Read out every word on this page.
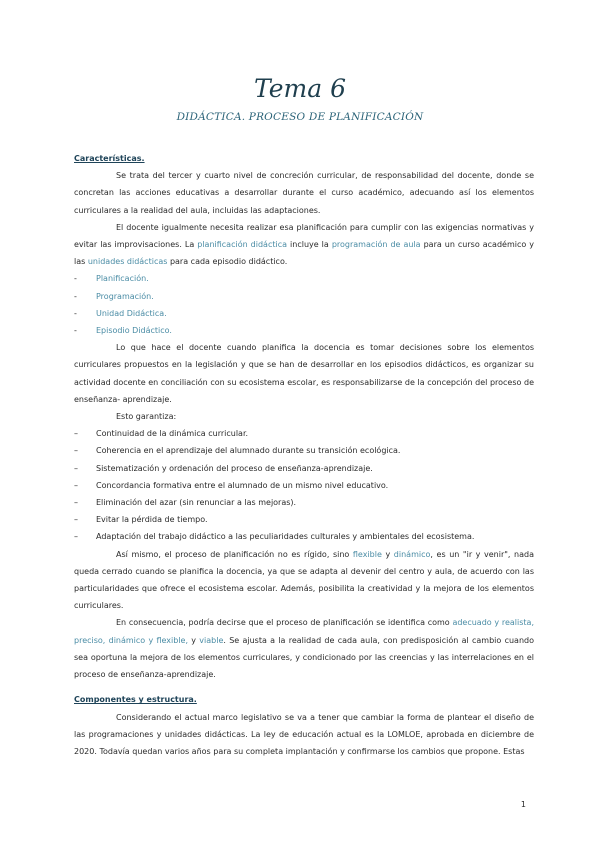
Tema 6
DIDÁCTICA. PROCESO DE PLANIFICACIÓN
Características.

Se trata del tercer y cuarto nivel de concreción curricular, de responsabilidad del docente, donde se concretan las acciones educativas a desarrollar durante el curso académico, adecuando así los elementos curriculares a la realidad del aula, incluidas las adaptaciones.

El docente igualmente necesita realizar esa planificación para cumplir con las exigencias normativas y evitar las improvisaciones. La planificación didáctica incluye la programación de aula para un curso académico y las unidades didácticas para cada episodio didáctico.

- Planificación.
- Programación.
- Unidad Didáctica.
- Episodio Didáctico.

Lo que hace el docente cuando planifica la docencia es tomar decisiones sobre los elementos curriculares propuestos en la legislación y que se han de desarrollar en los episodios didácticos, es organizar su actividad docente en conciliación con su ecosistema escolar, es responsabilizarse de la concepción del proceso de enseñanza- aprendizaje.

Esto garantiza:

– Continuidad de la dinámica curricular.
– Coherencia en el aprendizaje del alumnado durante su transición ecológica.
– Sistematización y ordenación del proceso de enseñanza-aprendizaje.
– Concordancia formativa entre el alumnado de un mismo nivel educativo.
– Eliminación del azar (sin renunciar a las mejoras).
– Evitar la pérdida de tiempo.
– Adaptación del trabajo didáctico a las peculiaridades culturales y ambientales del ecosistema.

Así mismo, el proceso de planificación no es rígido, sino flexible y dinámico, es un "ir y venir", nada queda cerrado cuando se planifica la docencia, ya que se adapta al devenir del centro y aula, de acuerdo con las particularidades que ofrece el ecosistema escolar. Además, posibilita la creatividad y la mejora de los elementos curriculares.

En consecuencia, podría decirse que el proceso de planificación se identifica como adecuado y realista, preciso, dinámico y flexible, y viable. Se ajusta a la realidad de cada aula, con predisposición al cambio cuando sea oportuna la mejora de los elementos curriculares, y condicionado por las creencias y las interrelaciones en el proceso de enseñanza-aprendizaje.

Componentes y estructura.

Considerando el actual marco legislativo se va a tener que cambiar la forma de plantear el diseño de las programaciones y unidades didácticas. La ley de educación actual es la LOMLOE, aprobada en diciembre de 2020. Todavía quedan varios años para su completa implantación y confirmarse los cambios que propone. Estas

1
